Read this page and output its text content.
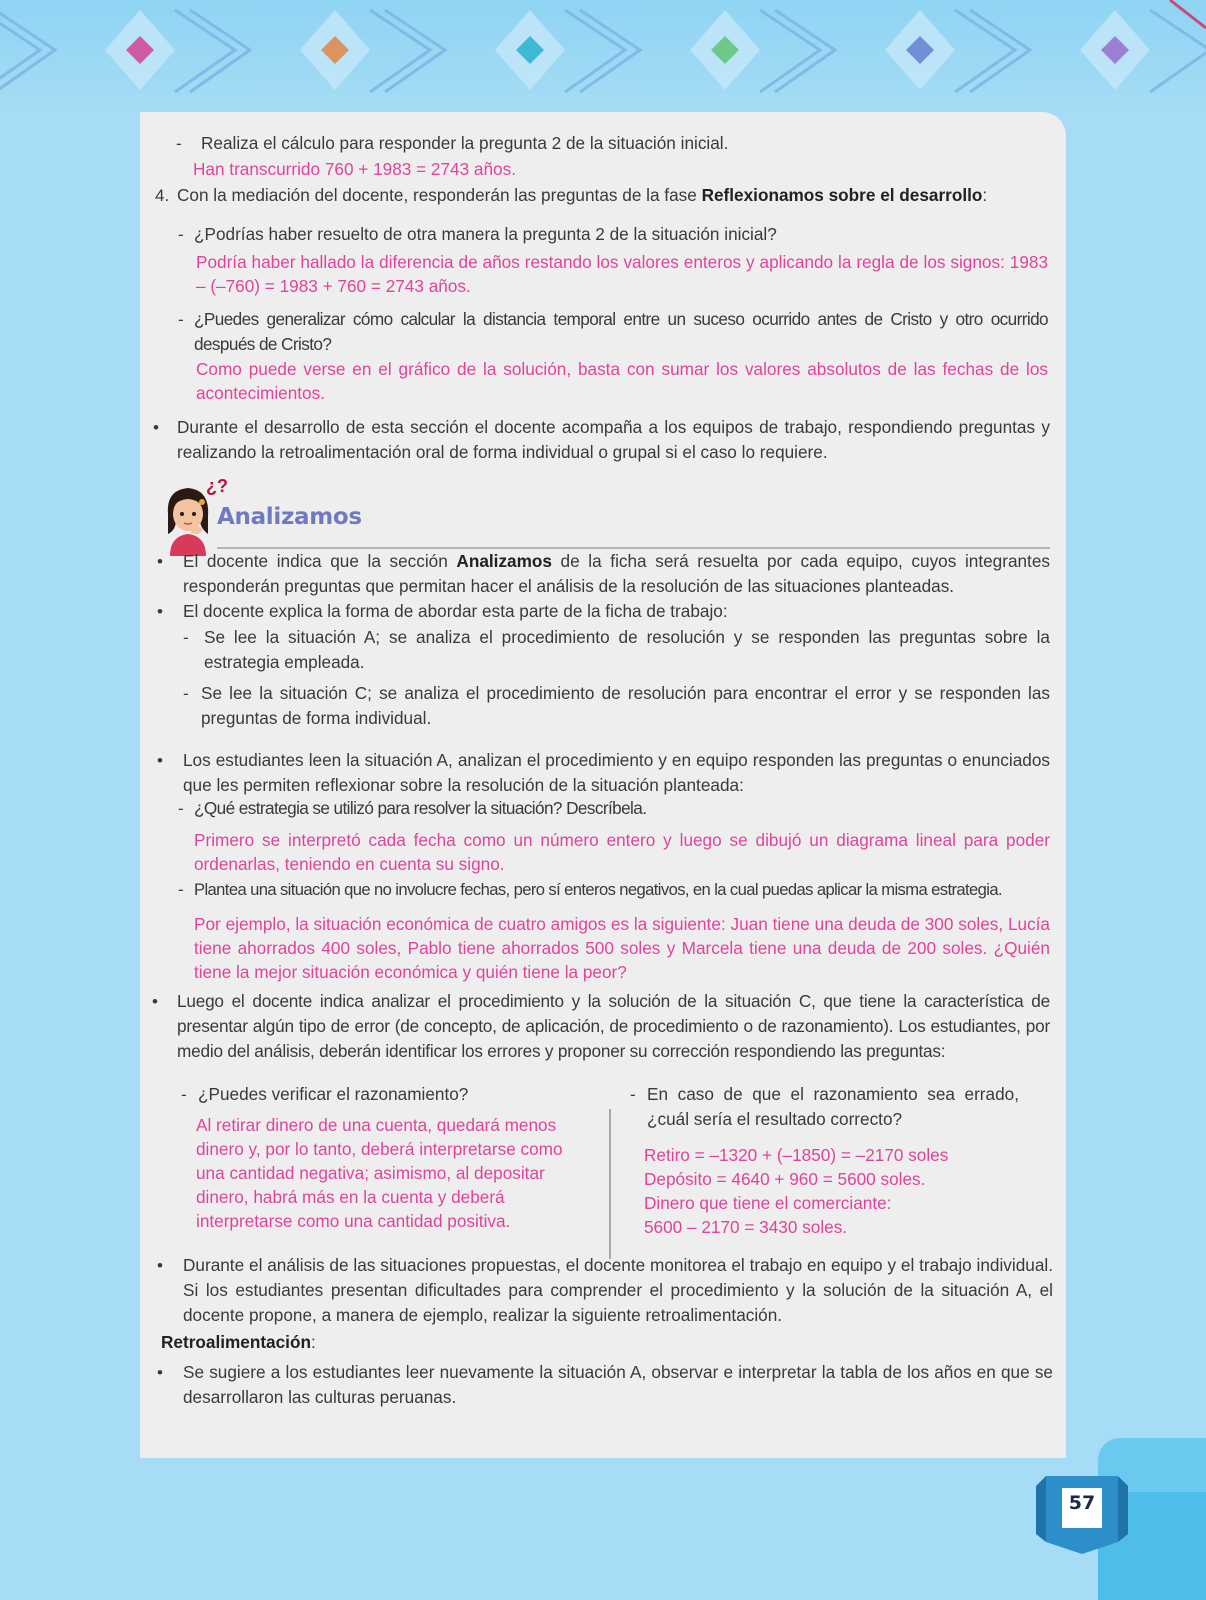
- Realiza el cálculo para responder la pregunta 2 de la situación inicial.

Han transcurrido 760 + 1983 = 2743 años.

4. Con la mediación del docente, responderán las preguntas de la fase Reflexionamos sobre el desarrollo:

- ¿Podrías haber resuelto de otra manera la pregunta 2 de la situación inicial?

Podría haber hallado la diferencia de años restando los valores enteros y aplicando la regla de los signos: 1983 – (–760) = 1983 + 760 = 2743 años.

- ¿Puedes generalizar cómo calcular la distancia temporal entre un suceso ocurrido antes de Cristo y otro ocurrido después de Cristo?

Como puede verse en el gráfico de la solución, basta con sumar los valores absolutos de las fechas de los acontecimientos.

• Durante el desarrollo de esta sección el docente acompaña a los equipos de trabajo, respondiendo preguntas y realizando la retroalimentación oral de forma individual o grupal si el caso lo requiere.

¿?
Analizamos
• El docente indica que la sección Analizamos de la ficha será resuelta por cada equipo, cuyos integrantes responderán preguntas que permitan hacer el análisis de la resolución de las situaciones planteadas.

• El docente explica la forma de abordar esta parte de la ficha de trabajo:

- Se lee la situación A; se analiza el procedimiento de resolución y se responden las preguntas sobre la estrategia empleada.

- Se lee la situación C; se analiza el procedimiento de resolución para encontrar el error y se responden las preguntas de forma individual.

• Los estudiantes leen la situación A, analizan el procedimiento y en equipo responden las preguntas o enunciados que les permiten reflexionar sobre la resolución de la situación planteada:

- ¿Qué estrategia se utilizó para resolver la situación? Descríbela.

Primero se interpretó cada fecha como un número entero y luego se dibujó un diagrama lineal para poder ordenarlas, teniendo en cuenta su signo.

- Plantea una situación que no involucre fechas, pero sí enteros negativos, en la cual puedas aplicar la misma estrategia.

Por ejemplo, la situación económica de cuatro amigos es la siguiente: Juan tiene una deuda de 300 soles, Lucía tiene ahorrados 400 soles, Pablo tiene ahorrados 500 soles y Marcela tiene una deuda de 200 soles. ¿Quién tiene la mejor situación económica y quién tiene la peor?

• Luego el docente indica analizar el procedimiento y la solución de la situación C, que tiene la característica de presentar algún tipo de error (de concepto, de aplicación, de procedimiento o de razonamiento). Los estudiantes, por medio del análisis, deberán identificar los errores y proponer su corrección respondiendo las preguntas:

- ¿Puedes verificar el razonamiento?

Al retirar dinero de una cuenta, quedará menos dinero y, por lo tanto, deberá interpretarse como una cantidad negativa; asimismo, al depositar dinero, habrá más en la cuenta y deberá interpretarse como una cantidad positiva.

- En caso de que el razonamiento sea errado, ¿cuál sería el resultado correcto?

Retiro = –1320 + (–1850) = –2170 soles

Depósito = 4640 + 960 = 5600 soles.

Dinero que tiene el comerciante:

5600 – 2170 = 3430 soles.

• Durante el análisis de las situaciones propuestas, el docente monitorea el trabajo en equipo y el trabajo individual. Si los estudiantes presentan dificultades para comprender el procedimiento y la solución de la situación A, el docente propone, a manera de ejemplo, realizar la siguiente retroalimentación.

Retroalimentación:

• Se sugiere a los estudiantes leer nuevamente la situación A, observar e interpretar la tabla de los años en que se desarrollaron las culturas peruanas.

57
